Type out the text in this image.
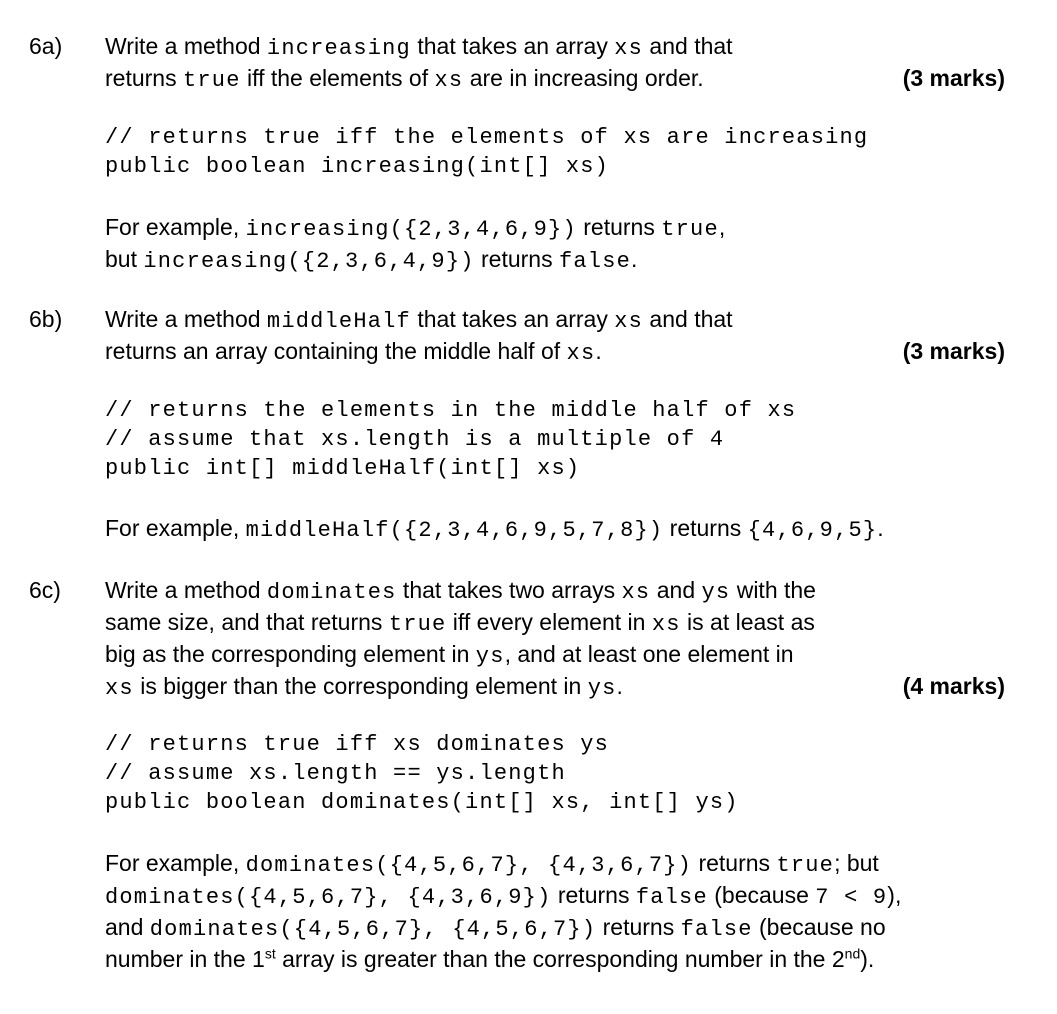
6a) Write a method increasing that takes an array xs and that
returns true iff the elements of xs are in increasing order.	(3 marks)
// returns true iff the elements of xs are increasing
public boolean increasing(int[] xs)
For example, increasing({2,3,4,6,9}) returns true,
but increasing({2,3,6,4,9}) returns false.
6b) Write a method middleHalf that takes an array xs and that
returns an array containing the middle half of xs.	(3 marks)
// returns the elements in the middle half of xs
// assume that xs.length is a multiple of 4
public int[] middleHalf(int[] xs)
For example, middleHalf({2,3,4,6,9,5,7,8}) returns {4,6,9,5}.
6c) Write a method dominates that takes two arrays xs and ys with the
same size, and that returns true iff every element in xs is at least as
big as the corresponding element in ys, and at least one element in
xs is bigger than the corresponding element in ys.	(4 marks)
// returns true iff xs dominates ys
// assume xs.length == ys.length
public boolean dominates(int[] xs, int[] ys)
For example, dominates({4,5,6,7}, {4,3,6,7}) returns true; but
dominates({4,5,6,7}, {4,3,6,9}) returns false (because 7 < 9),
and dominates({4,5,6,7}, {4,5,6,7}) returns false (because no
number in the 1st array is greater than the corresponding number in the 2nd).
